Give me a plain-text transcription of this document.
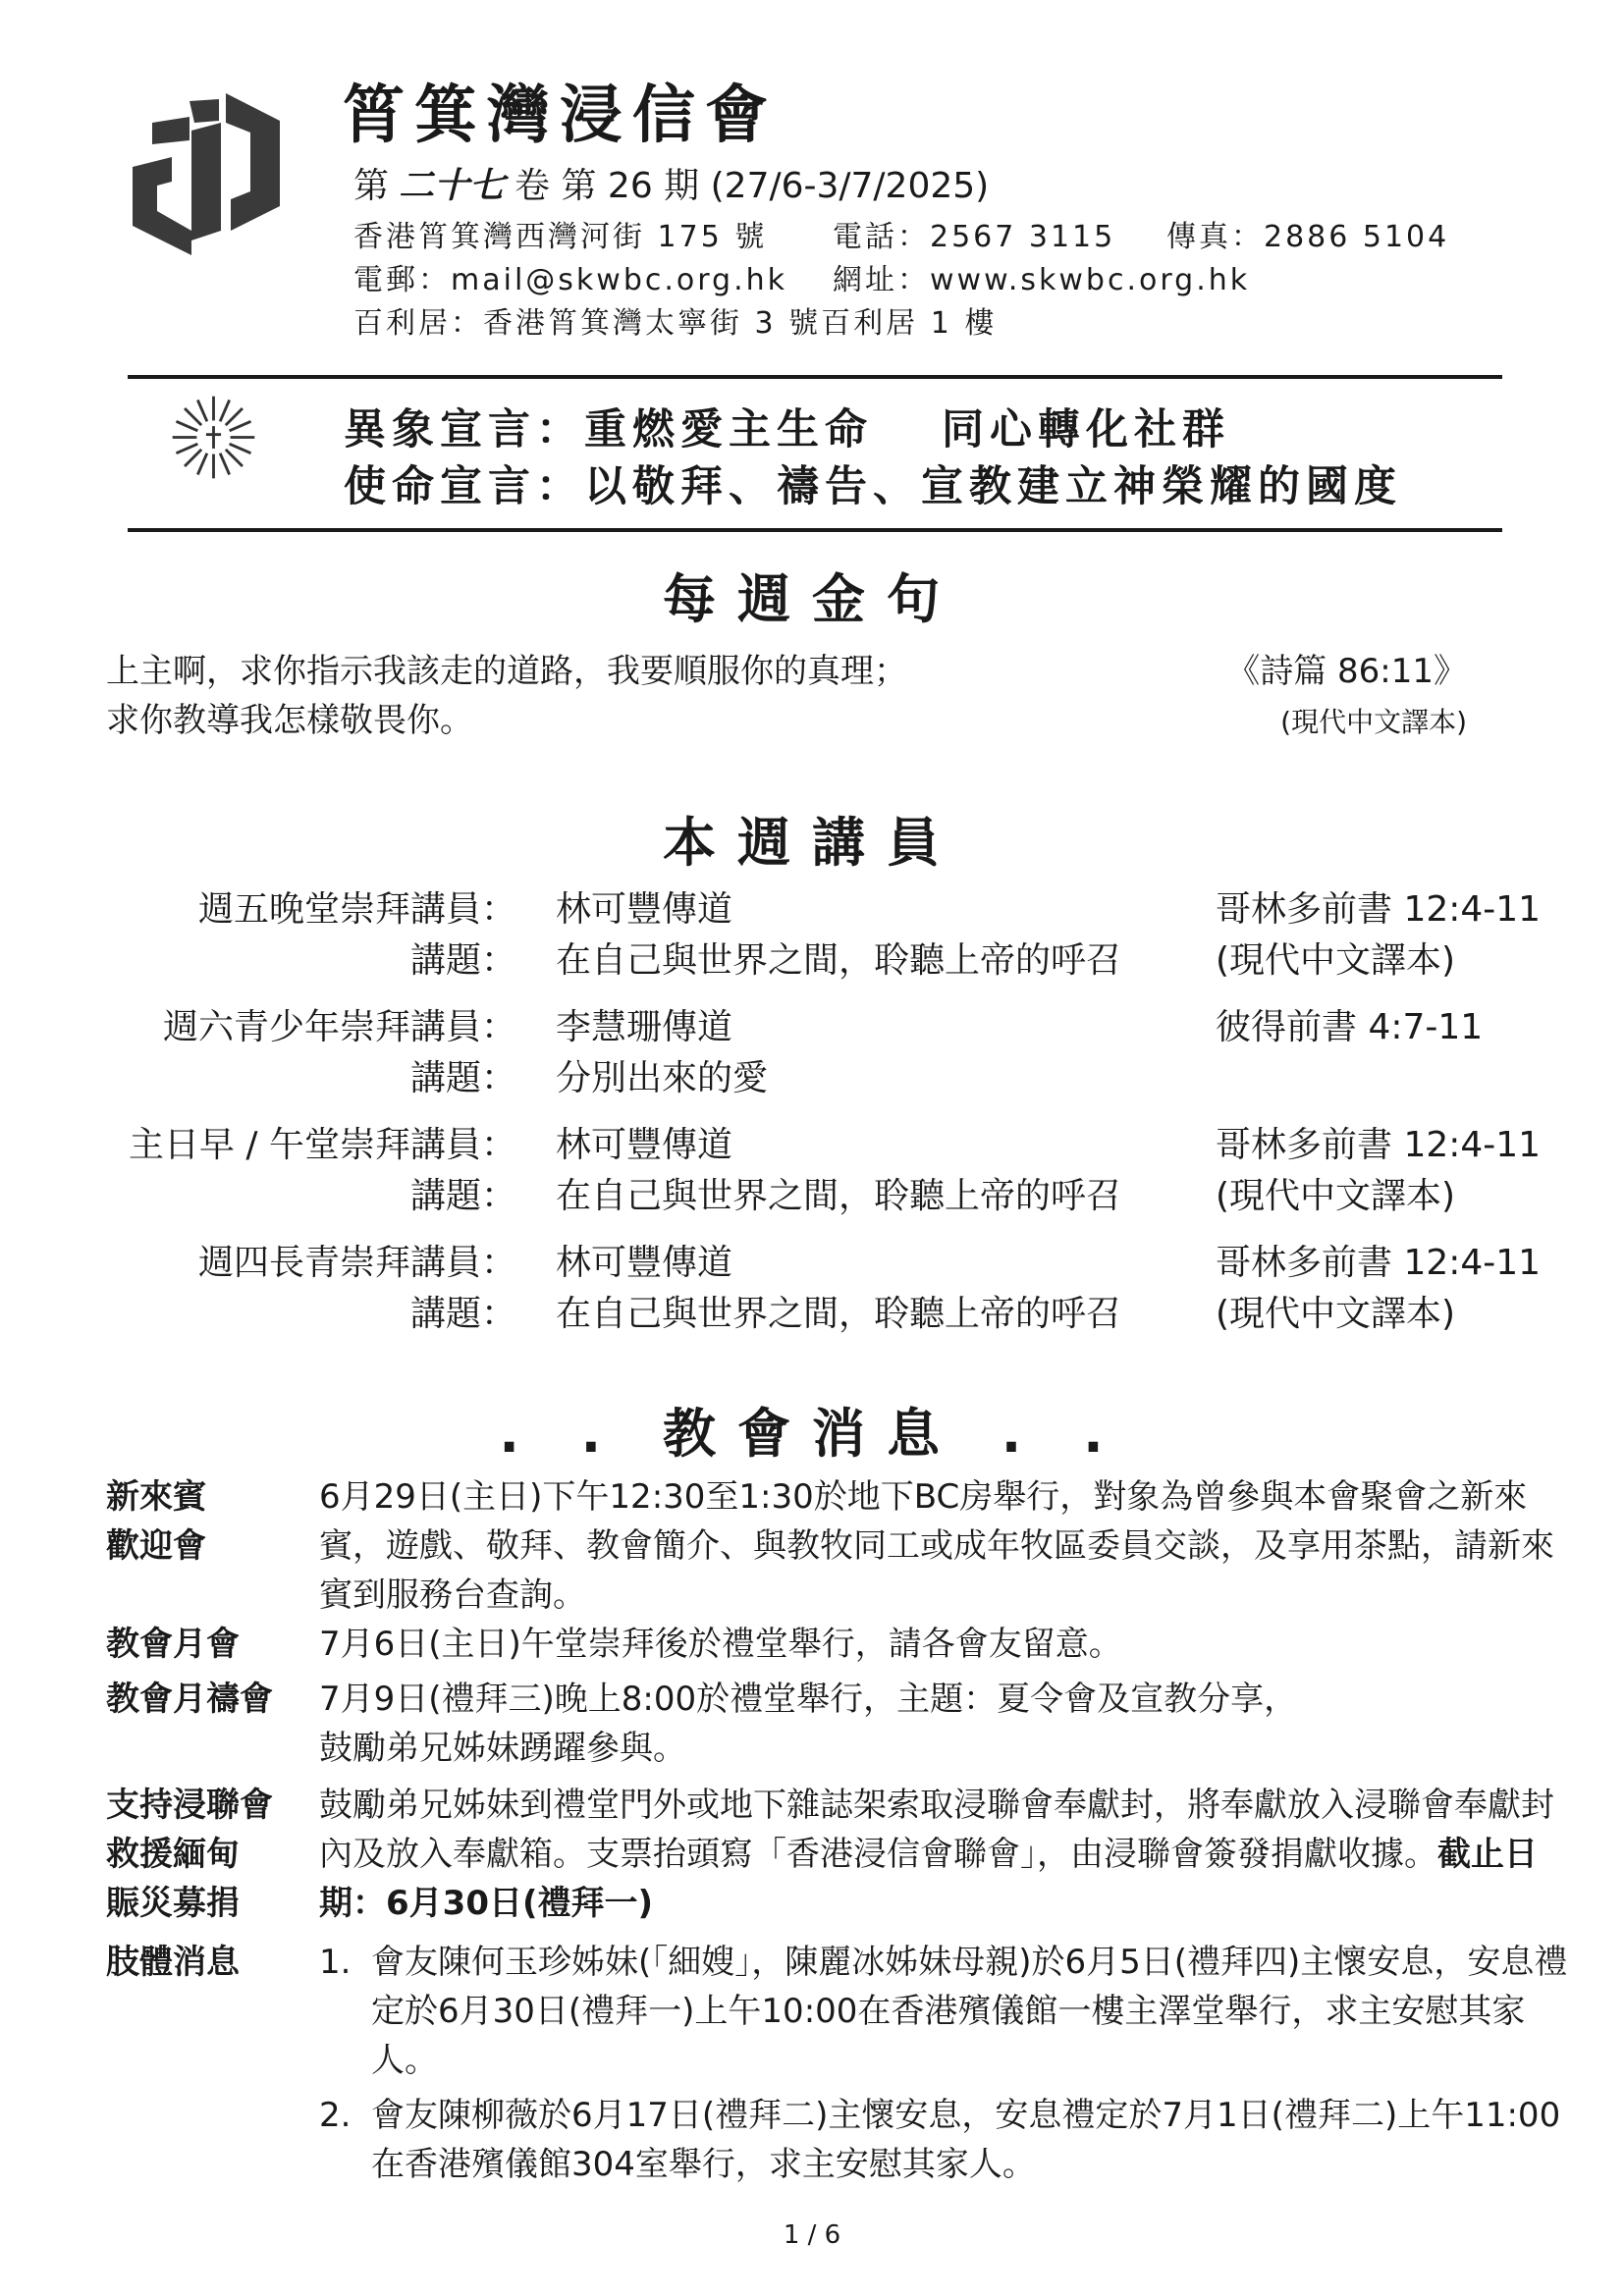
筲箕灣浸信會
第 二十七 卷 第 26 期 (27/6-3/7/2025)
香港筲箕灣西灣河街 175 號 電話：2567 3115 傳真：2886 5104
電郵：mail@skwbc.org.hk 網址：www.skwbc.org.hk
百利居：香港筲箕灣太寧街 3 號百利居 1 樓
異象宣言：重燃愛主生命　 同心轉化社群
使命宣言：以敬拜、禱告、宣教建立神榮耀的國度
每週金句
上主啊，求你指示我該走的道路，我要順服你的真理；
求你教導我怎樣敬畏你。
《詩篇 86:11》
(現代中文譯本)
本週講員
週五晚堂崇拜講員： 林可豐傳道	哥林多前書 12:4-11
講題： 在自己與世界之間，聆聽上帝的呼召	(現代中文譯本)
週六青少年崇拜講員： 李慧珊傳道	彼得前書 4:7-11
講題： 分別出來的愛
主日早 / 午堂崇拜講員： 林可豐傳道	哥林多前書 12:4-11
講題： 在自己與世界之間，聆聽上帝的呼召	(現代中文譯本)
週四長青崇拜講員： 林可豐傳道	哥林多前書 12:4-11
講題： 在自己與世界之間，聆聽上帝的呼召	(現代中文譯本)
. . 教會消息 . .
新來賓
歡迎會
6月29日(主日)下午12:30至1:30於地下BC房舉行，對象為曾參與本會聚會之新來賓，遊戲、敬拜、教會簡介、與教牧同工或成年牧區委員交談，及享用茶點，請新來賓到服務台查詢。
教會月會 7月6日(主日)午堂崇拜後於禮堂舉行，請各會友留意。
教會月禱會 7月9日(禮拜三)晚上8:00於禮堂舉行，主題：夏令會及宣教分享，
鼓勵弟兄姊妹踴躍參與。
支持浸聯會
救援緬甸
賑災募捐
鼓勵弟兄姊妹到禮堂門外或地下雜誌架索取浸聯會奉獻封，將奉獻放入浸聯會奉獻封內及放入奉獻箱。支票抬頭寫「香港浸信會聯會」，由浸聯會簽發捐獻收據。截止日期：6月30日(禮拜一)
肢體消息 1. 會友陳何玉珍姊妹(「細嫂」，陳麗冰姊妹母親)於6月5日(禮拜四)主懷安息，安息禮定於6月30日(禮拜一)上午10:00在香港殯儀館一樓主澤堂舉行，求主安慰其家人。
2. 會友陳柳薇於6月17日(禮拜二)主懷安息，安息禮定於7月1日(禮拜二)上午11:00在香港殯儀館304室舉行，求主安慰其家人。
1 / 6
